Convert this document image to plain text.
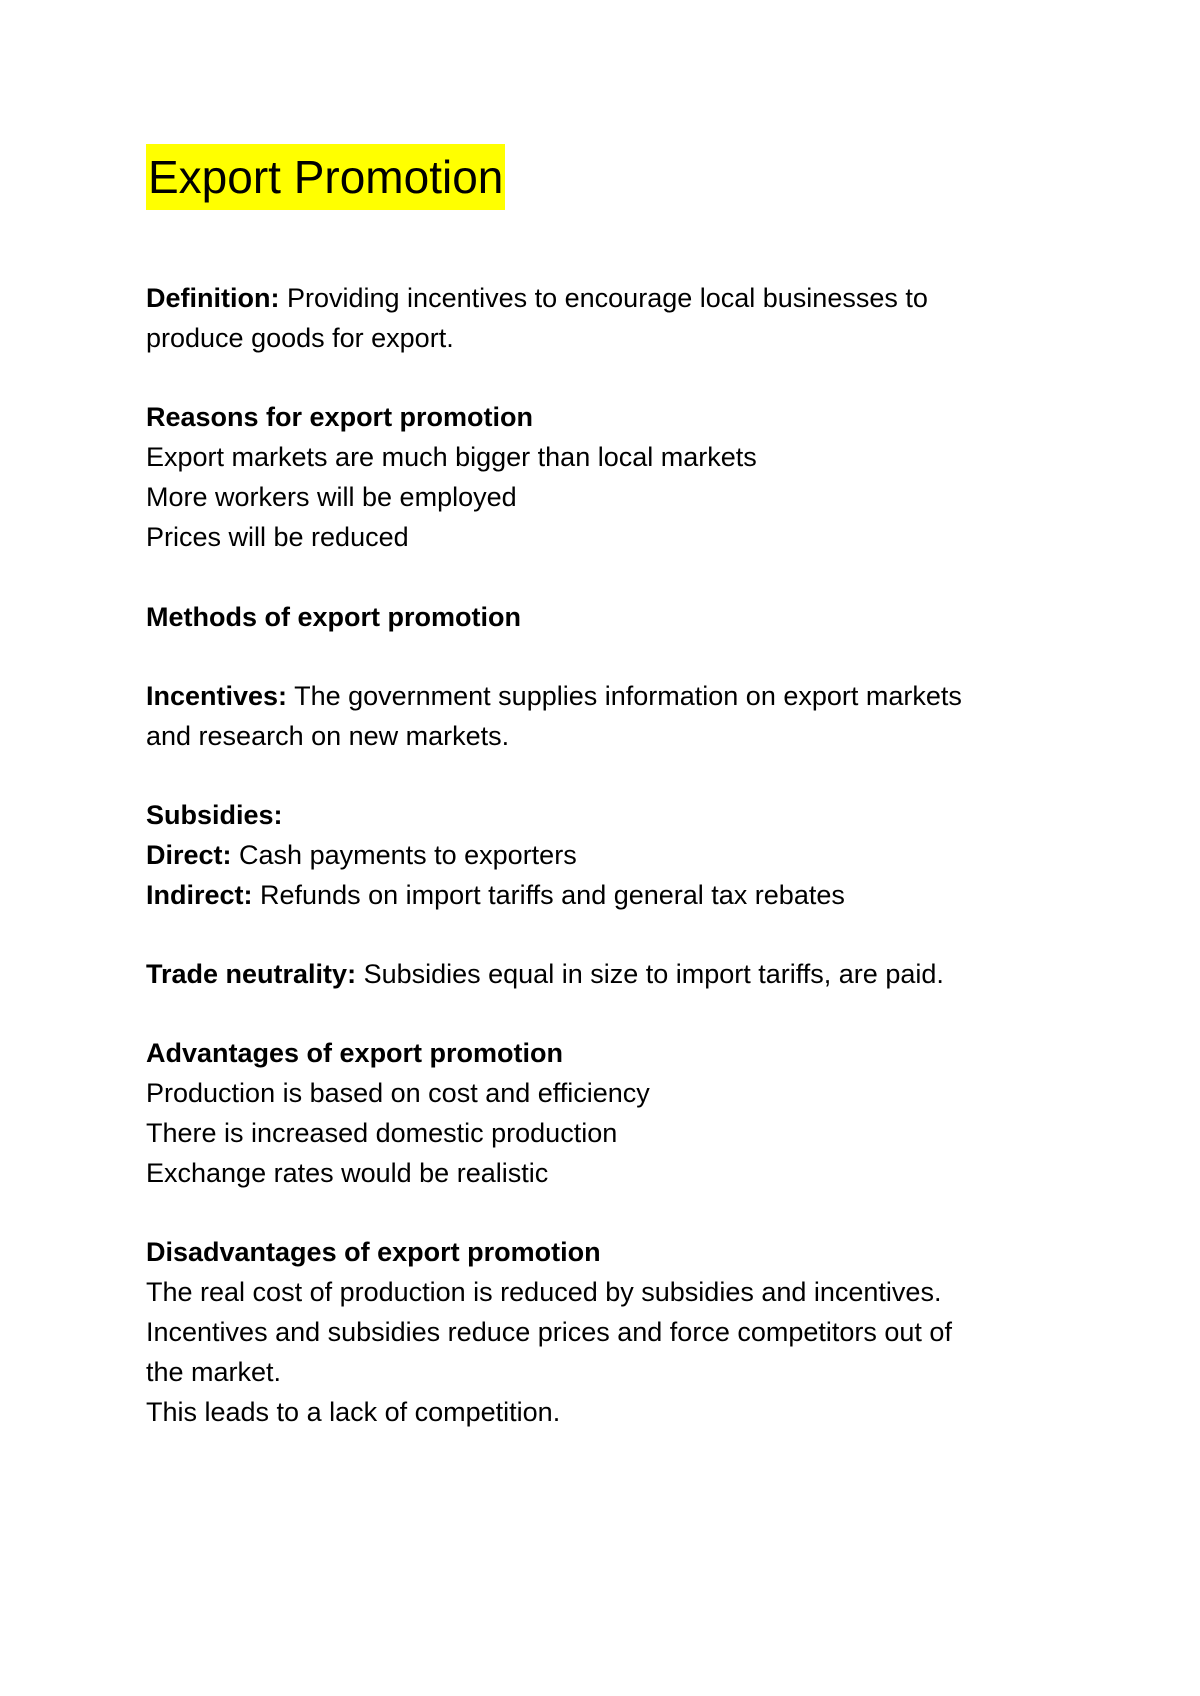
Export Promotion
Definition: Providing incentives to encourage local businesses to
produce goods for export.
Reasons for export promotion
Export markets are much bigger than local markets
More workers will be employed
Prices will be reduced
Methods of export promotion
Incentives: The government supplies information on export markets
and research on new markets.
Subsidies:
Direct: Cash payments to exporters
Indirect: Refunds on import tariffs and general tax rebates
Trade neutrality: Subsidies equal in size to import tariffs, are paid.
Advantages of export promotion
Production is based on cost and efficiency
There is increased domestic production
Exchange rates would be realistic
Disadvantages of export promotion
The real cost of production is reduced by subsidies and incentives.
Incentives and subsidies reduce prices and force competitors out of
the market.
This leads to a lack of competition.
